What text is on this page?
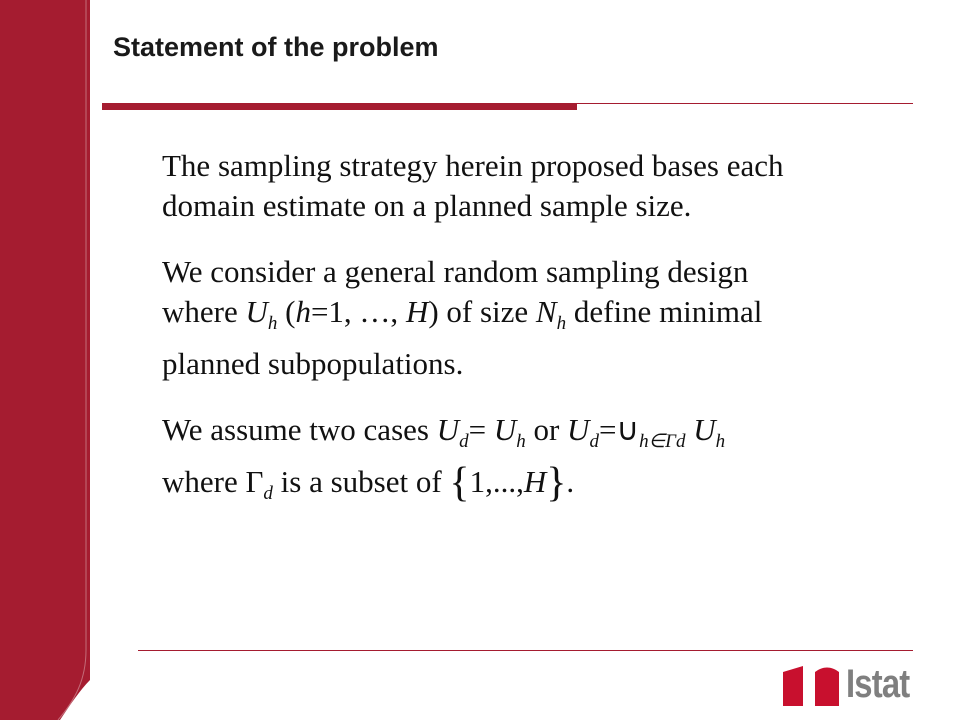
Statement of the problem

The sampling strategy herein proposed bases each
domain estimate on a planned sample size.

We consider a general random sampling design
where $U_h$ (h=1, …, H) of size $N_h$ define minimal
planned subpopulations.

We assume two cases $U_d= U_h$ or $U_d=\cup_{h\in\Gamma d}$ $U_h$
where $\Gamma_d$ is a subset of {1,...,H}.

Istat
